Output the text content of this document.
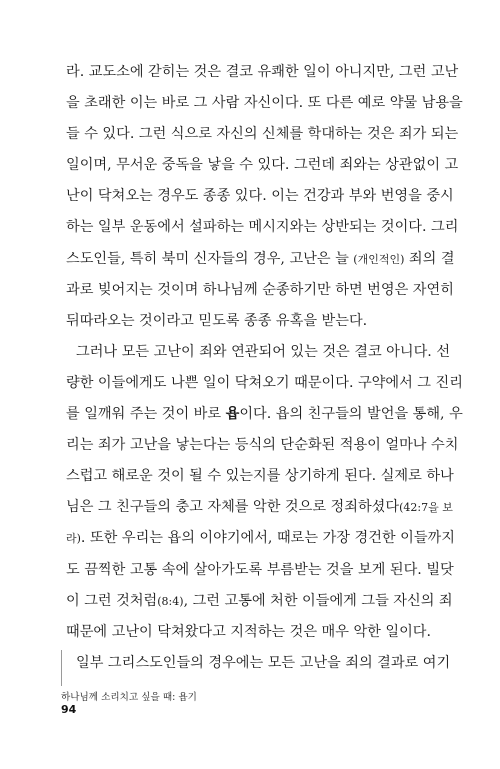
라. 교도소에 갇히는 것은 결코 유쾌한 일이 아니지만, 그런 고난
을 초래한 이는 바로 그 사람 자신이다. 또 다른 예로 약물 남용을
들 수 있다. 그런 식으로 자신의 신체를 학대하는 것은 죄가 되는
일이며, 무서운 중독을 낳을 수 있다. 그런데 죄와는 상관없이 고
난이 닥쳐오는 경우도 종종 있다. 이는 건강과 부와 번영을 중시
하는 일부 운동에서 설파하는 메시지와는 상반되는 것이다. 그리
스도인들, 특히 북미 신자들의 경우, 고난은 늘 (개인적인) 죄의 결
과로 빚어지는 것이며 하나님께 순종하기만 하면 번영은 자연히
뒤따라오는 것이라고 믿도록 종종 유혹을 받는다.
그러나 모든 고난이 죄와 연관되어 있는 것은 결코 아니다. 선
량한 이들에게도 나쁜 일이 닥쳐오기 때문이다. 구약에서 그 진리
를 일깨워 주는 것이 바로 욥이다. 욥의 친구들의 발언을 통해, 우
리는 죄가 고난을 낳는다는 등식의 단순화된 적용이 얼마나 수치
스럽고 해로운 것이 될 수 있는지를 상기하게 된다. 실제로 하나
님은 그 친구들의 충고 자체를 악한 것으로 정죄하셨다(42:7을 보
라). 또한 우리는 욥의 이야기에서, 때로는 가장 경건한 이들까지
도 끔찍한 고통 속에 살아가도록 부름받는 것을 보게 된다. 빌닷
이 그런 것처럼(8:4), 그런 고통에 처한 이들에게 그들 자신의 죄
때문에 고난이 닥쳐왔다고 지적하는 것은 매우 악한 일이다.
일부 그리스도인들의 경우에는 모든 고난을 죄의 결과로 여기
하나님께 소리치고 싶을 때: 욥기
94
